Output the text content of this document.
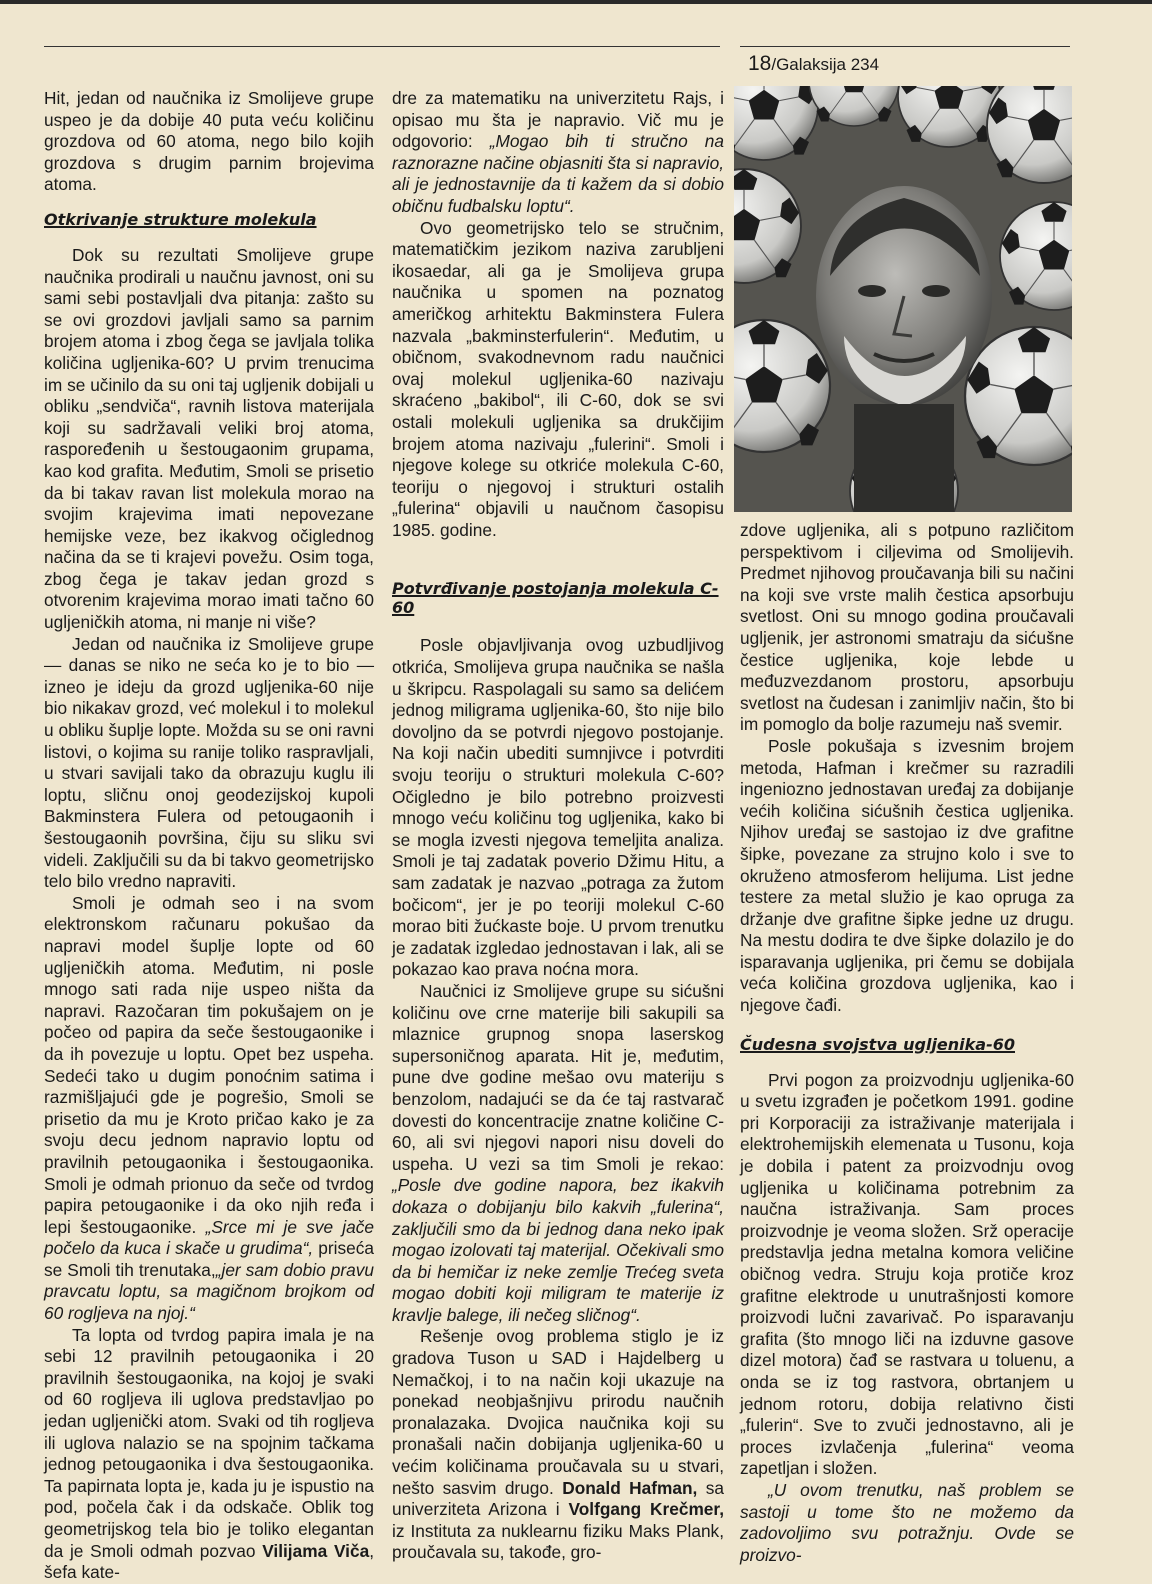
18/Galaksija 234

Hit, jedan od naučnika iz Smolijeve grupe uspeo je da dobije 40 puta veću količinu grozdova od 60 atoma, nego bilo kojih grozdova s drugim parnim brojevima atoma.

Otkrivanje strukture molekula

Dok su rezultati Smolijeve grupe naučnika prodirali u naučnu javnost, oni su sami sebi postavljali dva pitanja: zašto su se ovi grozdovi javljali samo sa parnim brojem atoma i zbog čega se javljala tolika količina ugljenika-60? U prvim trenucima im se učinilo da su oni taj ugljenik dobijali u obliku „sendviča“, ravnih listova materijala koji su sadržavali veliki broj atoma, raspoređenih u šestougaonim grupama, kao kod grafita. Međutim, Smoli se prisetio da bi takav ravan list molekula morao na svojim krajevima imati nepovezane hemijske veze, bez ikakvog očiglednog načina da se ti krajevi povežu. Osim toga, zbog čega je takav jedan grozd s otvorenim krajevima morao imati tačno 60 ugljeničkih atoma, ni manje ni više?

Jedan od naučnika iz Smolijeve grupe — danas se niko ne seća ko je to bio — izneo je ideju da grozd ugljenika-60 nije bio nikakav grozd, već molekul i to molekul u obliku šuplje lopte. Možda su se oni ravni listovi, o kojima su ranije toliko raspravljali, u stvari savijali tako da obrazuju kuglu ili loptu, sličnu onoj geodezijskoj kupoli Bakminstera Fulera od petougaonih i šestougaonih površina, čiju su sliku svi videli. Zaključili su da bi takvo geometrijsko telo bilo vredno napraviti.

Smoli je odmah seo i na svom elektronskom računaru pokušao da napravi model šuplje lopte od 60 ugljeničkih atoma. Međutim, ni posle mnogo sati rada nije uspeo ništa da napravi. Razočaran tim pokušajem on je počeo od papira da seče šestougaonike i da ih povezuje u loptu. Opet bez uspeha. Sedeći tako u dugim ponoćnim satima i razmišljajući gde je pogrešio, Smoli se prisetio da mu je Kroto pričao kako je za svoju decu jednom napravio loptu od pravilnih petougaonika i šestougaonika. Smoli je odmah prionuo da seče od tvrdog papira petougaonike i da oko njih ređa i lepi šestougaonike. „Srce mi je sve jače počelo da kuca i skače u grudima“, priseća se Smoli tih trenutaka,„jer sam dobio pravu pravcatu loptu, sa magičnom brojkom od 60 rogljeva na njoj.“

Ta lopta od tvrdog papira imala je na sebi 12 pravilnih petougaonika i 20 pravilnih šestougaonika, na kojoj je svaki od 60 rogljeva ili uglova predstavljao po jedan ugljenički atom. Svaki od tih rogljeva ili uglova nalazio se na spojnim tačkama jednog petougaonika i dva šestougaonika. Ta papirnata lopta je, kada ju je ispustio na pod, počela čak i da odskače. Oblik tog geometrijskog tela bio je toliko elegantan da je Smoli odmah pozvao Vilijama Viča, šefa kate-

dre za matematiku na univerzitetu Rajs, i opisao mu šta je napravio. Vič mu je odgovorio: „Mogao bih ti stručno na raznorazne načine objasniti šta si napravio, ali je jednostavnije da ti kažem da si dobio običnu fudbalsku loptu“.

Ovo geometrijsko telo se stručnim, matematičkim jezikom naziva zarubljeni ikosaedar, ali ga je Smolijeva grupa naučnika u spomen na poznatog američkog arhitektu Bakminstera Fulera nazvala „bakminsterfulerin“. Međutim, u običnom, svakodnevnom radu naučnici ovaj molekul ugljenika-60 nazivaju skraćeno „bakibol“, ili C-60, dok se svi ostali molekuli ugljenika sa drukčijim brojem atoma nazivaju „fulerini“. Smoli i njegove kolege su otkriće molekula C-60, teoriju o njegovoj i strukturi ostalih „fulerina“ objavili u naučnom časopisu 1985. godine.

Potvrđivanje postojanja molekula C-60

Posle objavljivanja ovog uzbudljivog otkrića, Smolijeva grupa naučnika se našla u škripcu. Raspolagali su samo sa delićem jednog miligrama ugljenika-60, što nije bilo dovoljno da se potvrdi njegovo postojanje. Na koji način ubediti sumnjivce i potvrditi svoju teoriju o strukturi molekula C-60? Očigledno je bilo potrebno proizvesti mnogo veću količinu tog ugljenika, kako bi se mogla izvesti njegova temeljita analiza. Smoli je taj zadatak poverio Džimu Hitu, a sam zadatak je nazvao „potraga za žutom bočicom“, jer je po teoriji molekul C-60 morao biti žućkaste boje. U prvom trenutku je zadatak izgledao jednostavan i lak, ali se pokazao kao prava noćna mora.

Naučnici iz Smolijeve grupe su sićušni količinu ove crne materije bili sakupili sa mlaznice grupnog snopa laserskog supersoničnog aparata. Hit je, međutim, pune dve godine mešao ovu materiju s benzolom, nadajući se da će taj rastvarač dovesti do koncentracije znatne količine C-60, ali svi njegovi napori nisu doveli do uspeha. U vezi sa tim Smoli je rekao: „Posle dve godine napora, bez ikakvih dokaza o dobijanju bilo kakvih „fulerina“, zaključili smo da bi jednog dana neko ipak mogao izolovati taj materijal. Očekivali smo da bi hemičar iz neke zemlje Trećeg sveta mogao dobiti koji miligram te materije iz kravlje balege, ili nečeg sličnog“.

Rešenje ovog problema stiglo je iz gradova Tuson u SAD i Hajdelberg u Nemačkoj, i to na način koji ukazuje na ponekad neobjašnjivu prirodu naučnih pronalazaka. Dvojica naučnika koji su pronašali način dobijanja ugljenika-60 u većim količinama proučavala su u stvari, nešto sasvim drugo. Donald Hafman, sa univerziteta Arizona i Volfgang Krečmer, iz Instituta za nuklearnu fiziku Maks Plank, proučavala su, takođe, gro-

zdove ugljenika, ali s potpuno različitom perspektivom i ciljevima od Smolijevih. Predmet njihovog proučavanja bili su načini na koji sve vrste malih čestica apsorbuju svetlost. Oni su mnogo godina proučavali ugljenik, jer astronomi smatraju da sićušne čestice ugljenika, koje lebde u međuzvezdanom prostoru, apsorbuju svetlost na čudesan i zanimljiv način, što bi im pomoglo da bolje razumeju naš svemir.

Posle pokušaja s izvesnim brojem metoda, Hafman i krečmer su razradili ingeniozno jednostavan uređaj za dobijanje većih količina sićušnih čestica ugljenika. Njihov uređaj se sastojao iz dve grafitne šipke, povezane za strujno kolo i sve to okruženo atmosferom helijuma. List jedne testere za metal služio je kao opruga za držanje dve grafitne šipke jedne uz drugu. Na mestu dodira te dve šipke dolazilo je do isparavanja ugljenika, pri čemu se dobijala veća količina grozdova ugljenika, kao i njegove čađi.

Čudesna svojstva ugljenika-60

Prvi pogon za proizvodnju ugljenika-60 u svetu izgrađen je početkom 1991. godine pri Korporaciji za istraživanje materijala i elektrohemijskih elemenata u Tusonu, koja je dobila i patent za proizvodnju ovog ugljenika u količinama potrebnim za naučna istraživanja. Sam proces proizvodnje je veoma složen. Srž operacije predstavlja jedna metalna komora veličine običnog vedra. Struju koja protiče kroz grafitne elektrode u unutrašnjosti komore proizvodi lučni zavarivač. Po isparavanju grafita (što mnogo liči na izduvne gasove dizel motora) čađ se rastvara u toluenu, a onda se iz tog rastvora, obrtanjem u jednom rotoru, dobija relativno čisti „fulerin“. Sve to zvuči jednostavno, ali je proces izvlačenja „fulerina“ veoma zapetljan i složen.

„U ovom trenutku, naš problem se sastoji u tome što ne možemo da zadovoljimo svu potražnju. Ovde se proizvo-
